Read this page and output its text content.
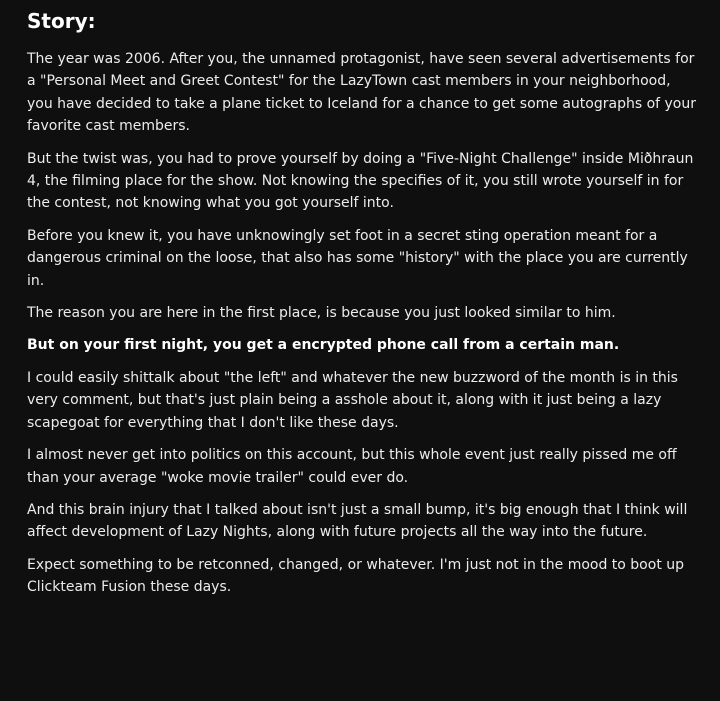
Story:

The year was 2006. After you, the unnamed protagonist, have seen several advertisements for a "Personal Meet and Greet Contest" for the LazyTown cast members in your neighborhood, you have decided to take a plane ticket to Iceland for a chance to get some autographs of your favorite cast members.

But the twist was, you had to prove yourself by doing a "Five-Night Challenge" inside Miðhraun 4, the filming place for the show. Not knowing the specifies of it, you still wrote yourself in for the contest, not knowing what you got yourself into.

Before you knew it, you have unknowingly set foot in a secret sting operation meant for a dangerous criminal on the loose, that also has some "history" with the place you are currently in.

The reason you are here in the first place, is because you just looked similar to him.

But on your first night, you get a encrypted phone call from a certain man.

I could easily shittalk about "the left" and whatever the new buzzword of the month is in this very comment, but that's just plain being a asshole about it, along with it just being a lazy scapegoat for everything that I don't like these days.

I almost never get into politics on this account, but this whole event just really pissed me off than your average "woke movie trailer" could ever do.

And this brain injury that I talked about isn't just a small bump, it's big enough that I think will affect development of Lazy Nights, along with future projects all the way into the future.

Expect something to be retconned, changed, or whatever. I'm just not in the mood to boot up Clickteam Fusion these days.
